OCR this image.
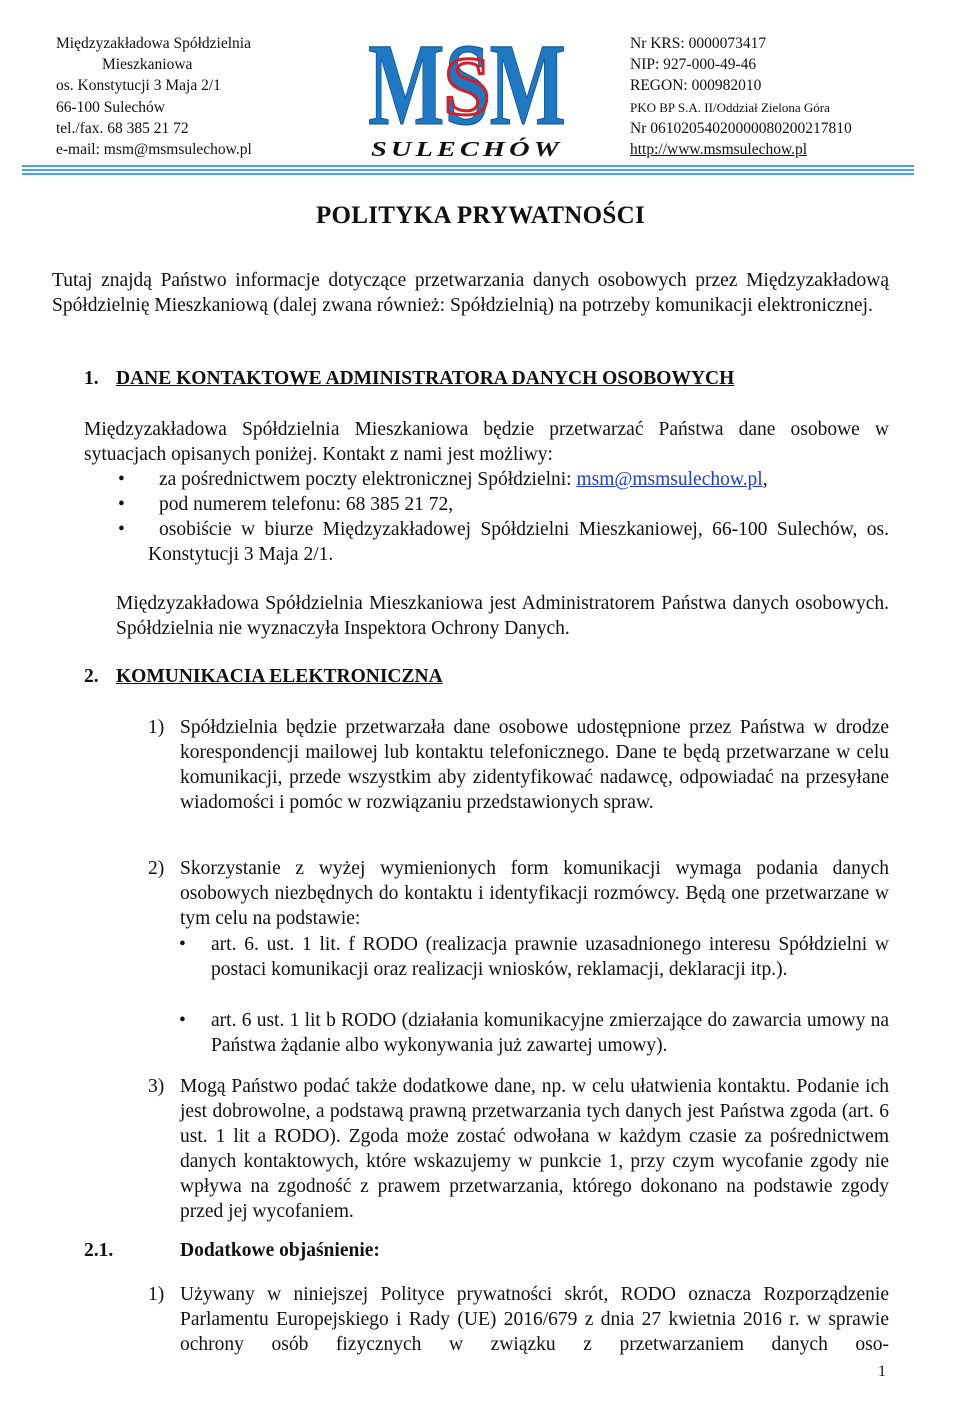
Międzyzakładowa Spółdzielnia
Mieszkaniowa
os. Konstytucji 3 Maja 2/1
66-100 Sulechów
tel./fax. 68 385 21 72
e-mail: msm@msmsulechow.pl MSM
S
SULECHÓW
Nr KRS: 0000073417
NIP: 927-000-49-46
REGON: 000982010
PKO BP S.A. II/Oddział Zielona Góra
Nr 06102054020000080200217810
http://www.msmsulechow.pl
POLITYKA PRYWATNOŚCI

Tutaj znajdą Państwo informacje dotyczące przetwarzania danych osobowych przez Międzyzakładową Spółdzielnię Mieszkaniową (dalej zwana również: Spółdzielnią) na potrzeby komunikacji elektronicznej.

1. DANE KONTAKTOWE ADMINISTRATORA DANYCH OSOBOWYCH

Międzyzakładowa Spółdzielnia Mieszkaniowa będzie przetwarzać Państwa dane osobowe w sytuacjach opisanych poniżej. Kontakt z nami jest możliwy:

• za pośrednictwem poczty elektronicznej Spółdzielni: msm@msmsulechow.pl,
• pod numerem telefonu: 68 385 21 72,
• osobiście w biurze Międzyzakładowej Spółdzielni Mieszkaniowej, 66-100 Sulechów, os. Konstytucji 3 Maja 2/1.

Międzyzakładowa Spółdzielnia Mieszkaniowa jest Administratorem Państwa danych osobowych. Spółdzielnia nie wyznaczyła Inspektora Ochrony Danych.

2. KOMUNIKACIA ELEKTRONICZNA
1) Spółdzielnia będzie przetwarzała dane osobowe udostępnione przez Państwa w drodze korespondencji mailowej lub kontaktu telefonicznego. Dane te będą przetwarzane w celu komunikacji, przede wszystkim aby zidentyfikować nadawcę, odpowiadać na przesyłane wiadomości i pomóc w rozwiązaniu przedstawionych spraw.

2) Skorzystanie z wyżej wymienionych form komunikacji wymaga podania danych osobowych niezbędnych do kontaktu i identyfikacji rozmówcy. Będą one przetwarzane w tym celu na podstawie:

• art. 6. ust. 1 lit. f RODO (realizacja prawnie uzasadnionego interesu Spółdzielni w postaci komunikacji oraz realizacji wniosków, reklamacji, deklaracji itp.).
• art. 6 ust. 1 lit b RODO (działania komunikacyjne zmierzające do zawarcia umowy na Państwa żądanie albo wykonywania już zawartej umowy).
3) Mogą Państwo podać także dodatkowe dane, np. w celu ułatwienia kontaktu. Podanie ich jest dobrowolne, a podstawą prawną przetwarzania tych danych jest Państwa zgoda (art. 6 ust. 1 lit a RODO). Zgoda może zostać odwołana w każdym czasie za pośrednictwem danych kontaktowych, które wskazujemy w punkcie 1, przy czym wycofanie zgody nie wpływa na zgodność z prawem przetwarzania, którego dokonano na podstawie zgody przed jej wycofaniem.

2.1.	Dodatkowe objaśnienie:
1) Używany w niniejszej Polityce prywatności skrót, RODO oznacza Rozporządzenie Parlamentu Europejskiego i Rady (UE) 2016/679 z dnia 27 kwietnia 2016 r. w sprawie ochrony osób fizycznych w związku z przetwarzaniem danych oso-

1
